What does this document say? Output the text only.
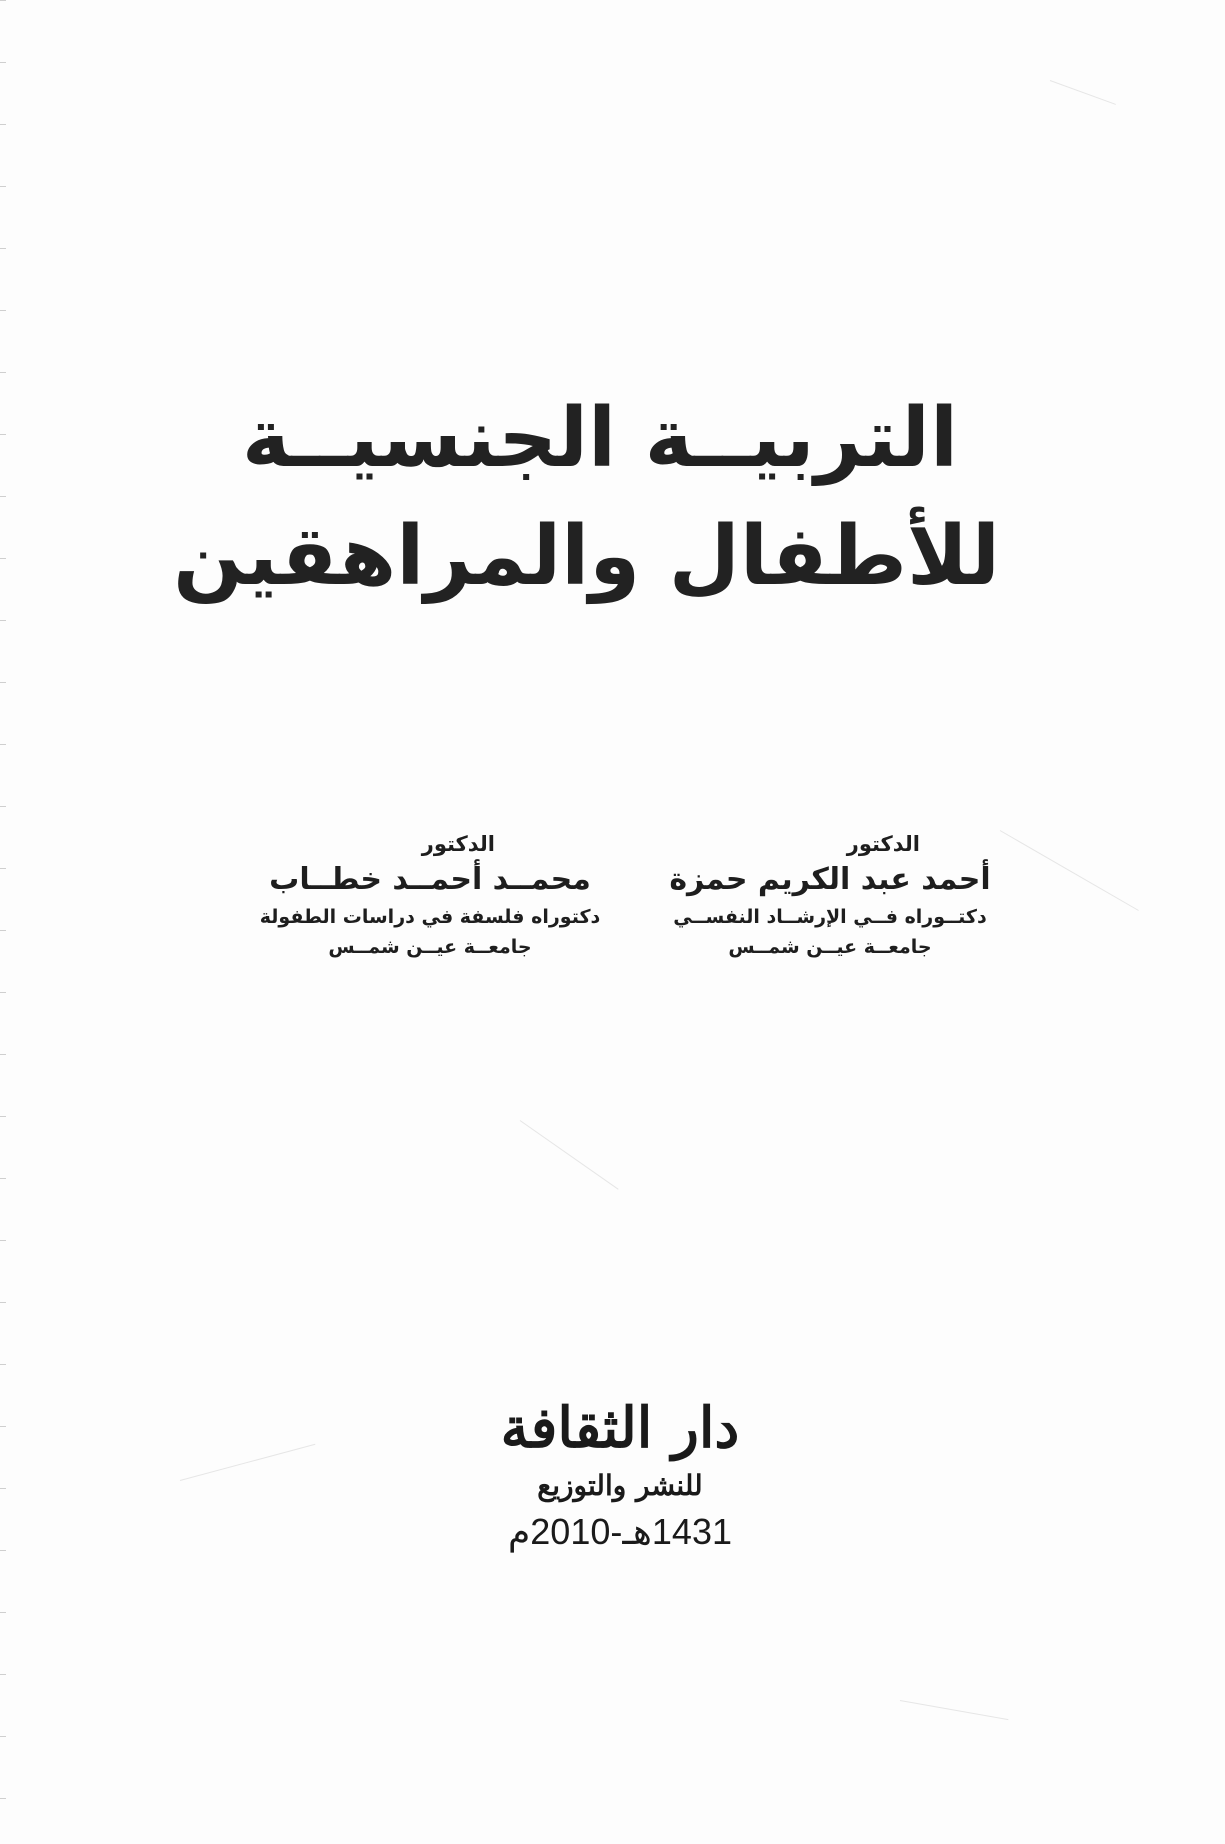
التربيــة الجنسيــة
للأطفال والمراهقين
الدكتور
أحمد عبد الكريم حمزة
دكتــوراه فــي الإرشــاد النفســي
جامعــة عيــن شمــس
الدكتور
محمــد أحمــد خطــاب
دكتوراه فلسفة في دراسات الطفولة
جامعــة عيــن شمــس
دار الثقافة
للنشر والتوزيع
1431هـ-2010م
